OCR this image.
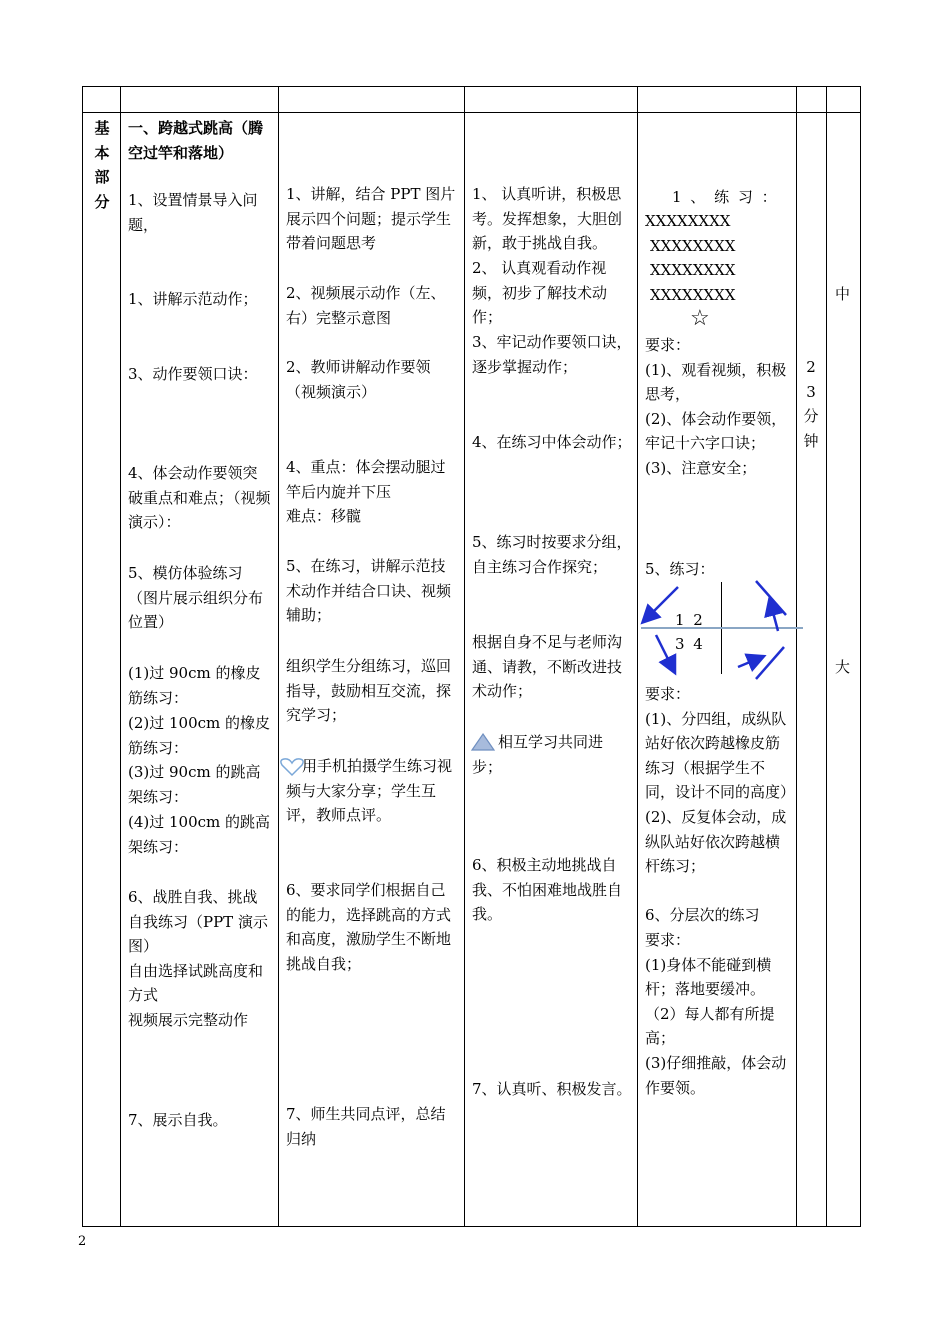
基

本

部

分

一、跨越式跳高（腾空过竿和落地）

1、设置情景导入问题，
1、讲解示范动作；
3、动作要领口诀：
4、体会动作要领突破重点和难点；（视频演示）：
5、模仿体验练习（图片展示组织分布位置）
(1)过 90cm 的橡皮筋练习：
(2)过 100cm 的橡皮筋练习：
(3)过 90cm 的跳高架练习：
(4)过 100cm 的跳高架练习：

6、战胜自我、挑战自我练习（PPT 演示图）

自由选择试跳高度和方式

视频展示完整动作

7、展示自我。
1、讲解，结合 PPT 图片展示四个问题；提示学生带着问题思考
2、视频展示动作（左、右）完整示意图
2、教师讲解动作要领（视频演示）

4、重点：体会摆动腿过竿后内旋并下压

难点：移髋

5、在练习，讲解示范技术动作并结合口诀、视频辅助；
组织学生分组练习，巡回指导，鼓励相互交流，探究学习；
用手机拍摄学生练习视频与大家分享；学生互评，教师点评。
6、要求同学们根据自己的能力，选择跳高的方式和高度，激励学生不断地挑战自我；
7、师生共同点评，总结归纳
1、 认真听讲，积极思考。发挥想象，大胆创新，敢于挑战自我。
2、 认真观看动作视频，初步了解技术动作；
3、牢记动作要领口诀，逐步掌握动作；
4、在练习中体会动作；
5、练习时按要求分组，自主练习合作探究；
根据自身不足与老师沟通、请教，不断改进技术动作；
相互学习共同进步；
6、积极主动地挑战自我、不怕困难地战胜自我。
7、认真听、积极发言。
1 、 练 习 ：
XXXXXXXX
XXXXXXXX
XXXXXXXX
XXXXXXXX
☆

要求：

(1)、观看视频，积极思考，

(2)、体会动作要领，牢记十六字口诀；

(3)、注意安全；

5、练习：
1 2
3 4

要求：

(1)、分四组，成纵队站好依次跨越橡皮筋练习（根据学生不同，设计不同的高度）

(2)、反复体会动，成纵队站好依次跨越横杆练习；

6、分层次的练习

要求：

(1)身体不能碰到横杆；落地要缓冲。

（2）每人都有所提高；

(3)仔细推敲，体会动作要领。

2

3

分

钟

中
大
2
